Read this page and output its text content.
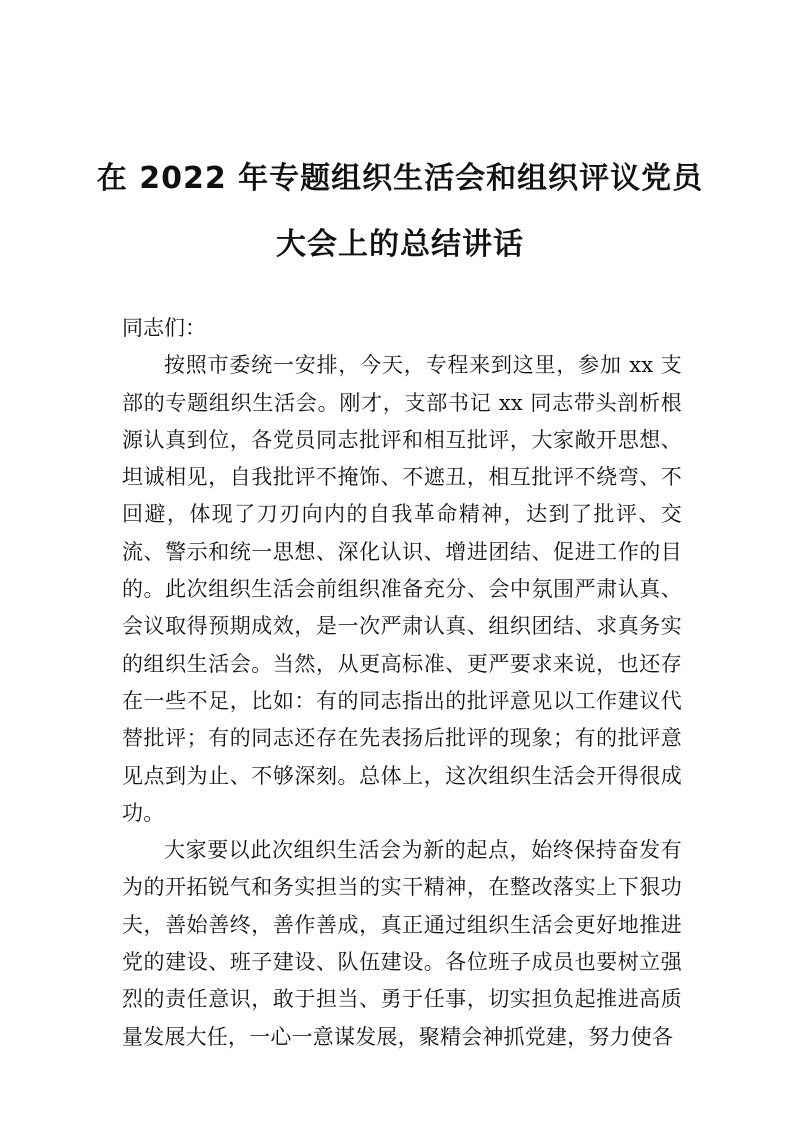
在 2022 年专题组织生活会和组织评议党员
大会上的总结讲话

同志们：

按照市委统一安排，今天，专程来到这里，参加 xx 支部的专题组织生活会。刚才，支部书记 xx 同志带头剖析根源认真到位，各党员同志批评和相互批评，大家敞开思想、坦诚相见，自我批评不掩饰、不遮丑，相互批评不绕弯、不回避，体现了刀刃向内的自我革命精神，达到了批评、交流、警示和统一思想、深化认识、增进团结、促进工作的目的。此次组织生活会前组织准备充分、会中氛围严肃认真、会议取得预期成效，是一次严肃认真、组织团结、求真务实的组织生活会。当然，从更高标准、更严要求来说，也还存在一些不足，比如：有的同志指出的批评意见以工作建议代替批评；有的同志还存在先表扬后批评的现象；有的批评意见点到为止、不够深刻。总体上，这次组织生活会开得很成功。

大家要以此次组织生活会为新的起点，始终保持奋发有为的开拓锐气和务实担当的实干精神，在整改落实上下狠功夫，善始善终，善作善成，真正通过组织生活会更好地推进党的建设、班子建设、队伍建设。各位班子成员也要树立强烈的责任意识，敢于担当、勇于任事，切实担负起推进高质量发展大任，一心一意谋发展，聚精会神抓党建，努力使各
